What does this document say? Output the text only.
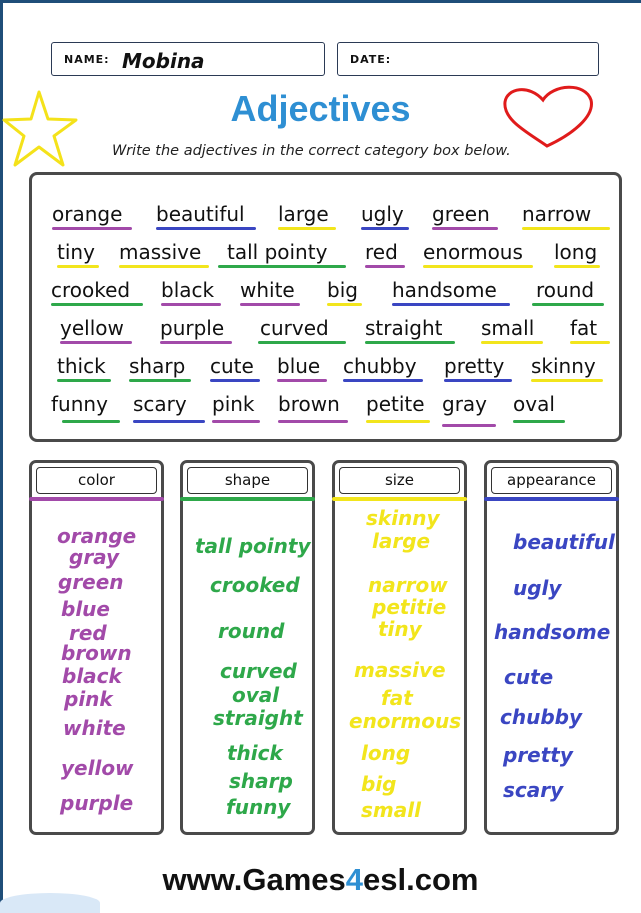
NAME: Mobina	DATE:
Adjectives
Write the adjectives in the correct category box below.
orange beautiful large ugly green narrow
tiny massive tall pointy red enormous long
crooked black white big handsome round
yellow purple curved straight small fat
thick sharp cute blue chubby pretty skinny
funny scary pink brown petite gray oval
color	shape	size	appearance
orange
gray
green
blue
red
brown
black
pink
white
yellow
purple
tall pointy
crooked
round
curved
oval
straight
thick
sharp
funny
skinny
large
narrow
petitie
tiny
massive
fat
enormous
long
big
small
beautiful
ugly
handsome
cute
chubby
pretty
scary
www.Games4esl.com
